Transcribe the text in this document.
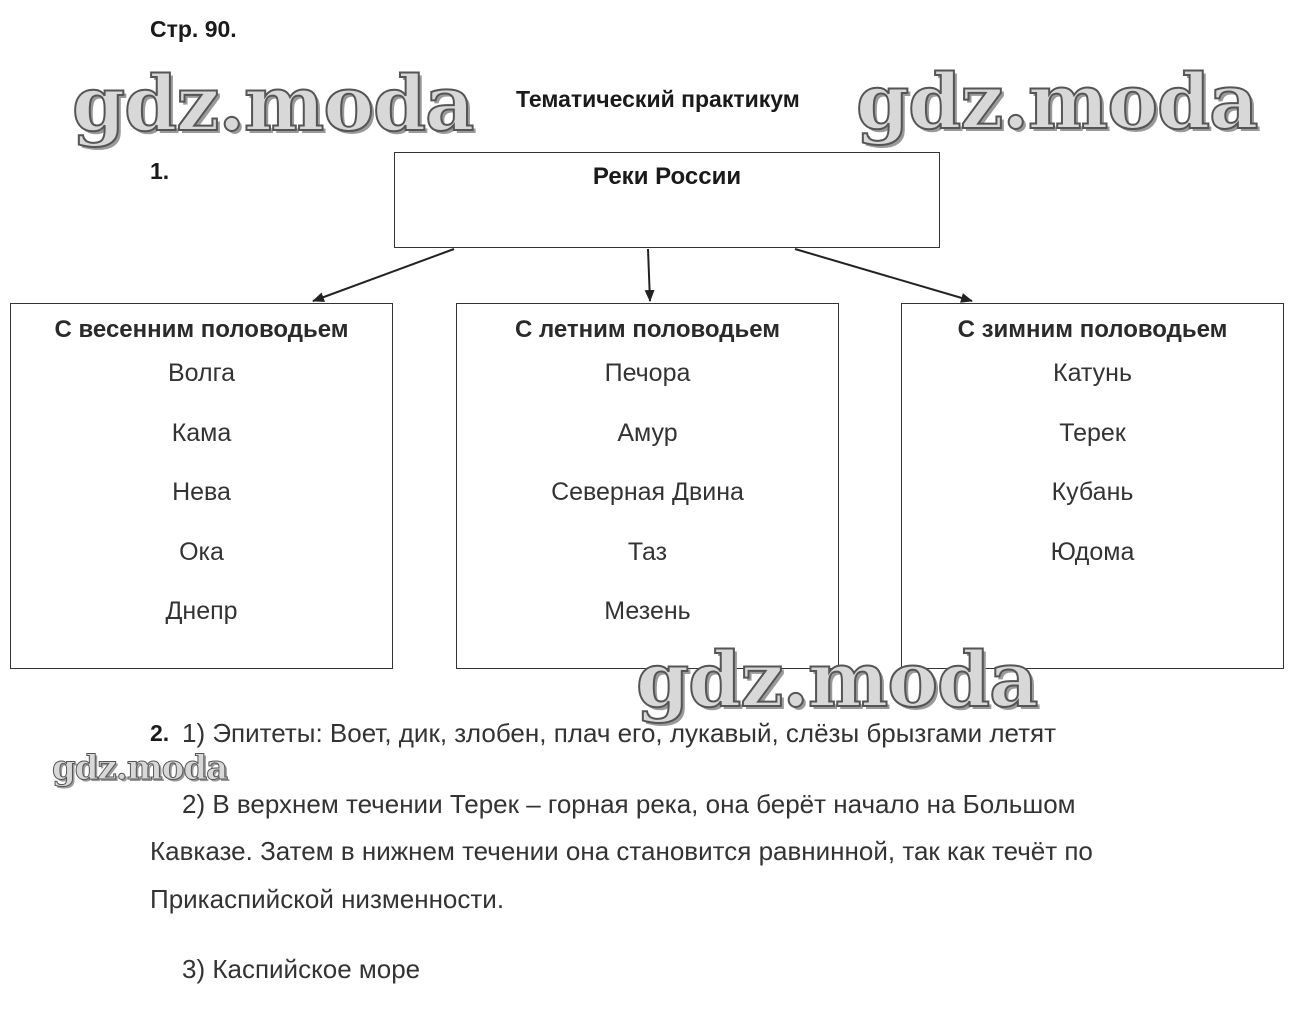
Стр. 90.
Тематический практикум
1.	Реки России
С весенним половодьем
Волга
Кама
Нева
Ока
Днепр
С летним половодьем
Печора
Амур
Северная Двина
Таз
Мезень
С зимним половодьем
Катунь
Терек
Кубань
Юдома
2. 1) Эпитеты: Воет, дик, злобен, плач его, лукавый, слёзы брызгами летят
2) В верхнем течении Терек – горная река, она берёт начало на Большом
Кавказе. Затем в нижнем течении она становится равнинной, так как течёт по
Прикаспийской низменности.
3) Каспийское море
gdz.moda	gdz.moda
gdz.moda
gdz.moda
